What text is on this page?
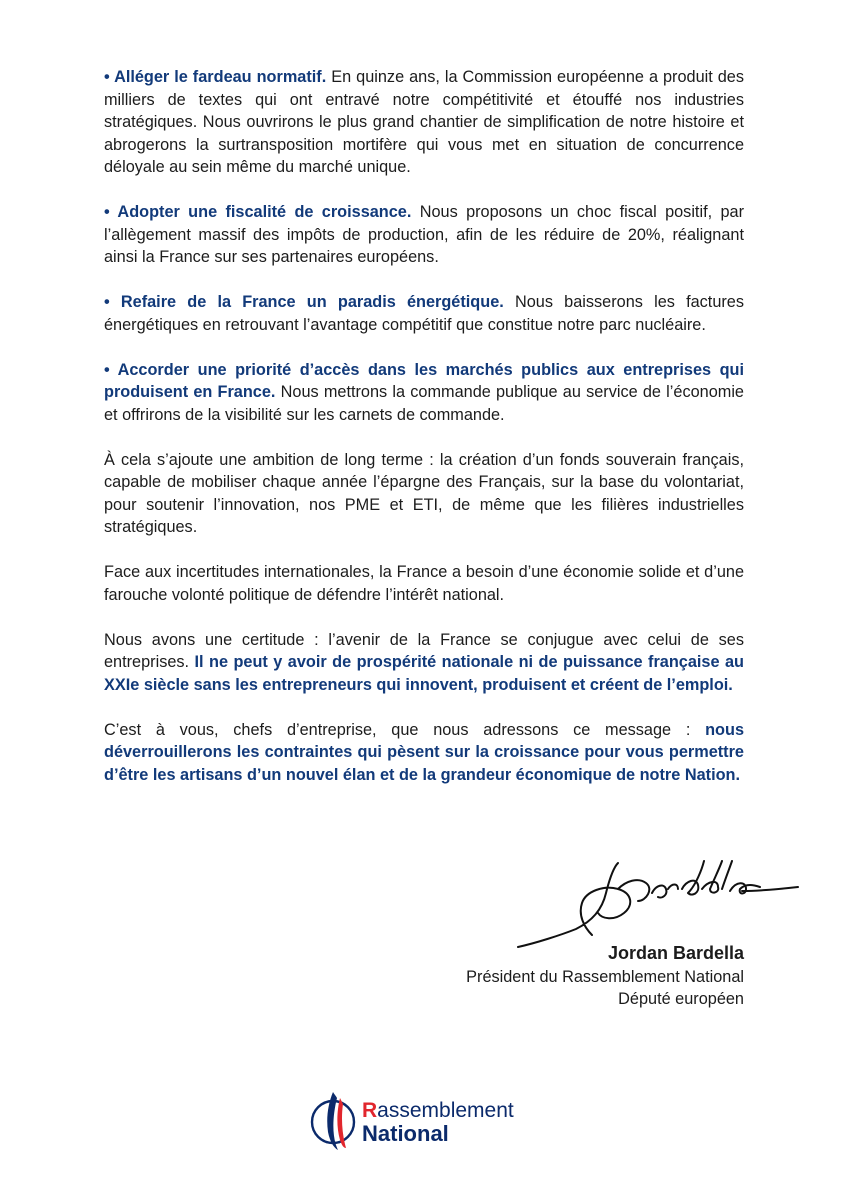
• Alléger le fardeau normatif. En quinze ans, la Commission européenne a produit des milliers de textes qui ont entravé notre compétitivité et étouffé nos industries stratégiques. Nous ouvrirons le plus grand chantier de simplification de notre histoire et abrogerons la surtransposition mortifère qui vous met en situation de concurrence déloyale au sein même du marché unique.

• Adopter une fiscalité de croissance. Nous proposons un choc fiscal positif, par l’allègement massif des impôts de production, afin de les réduire de 20%, réalignant ainsi la France sur ses partenaires européens.

• Refaire de la France un paradis énergétique. Nous baisserons les factures énergétiques en retrouvant l’avantage compétitif que constitue notre parc nucléaire.

• Accorder une priorité d’accès dans les marchés publics aux entreprises qui produisent en France. Nous mettrons la commande publique au service de l’économie et offrirons de la visibilité sur les carnets de commande.

À cela s’ajoute une ambition de long terme : la création d’un fonds souverain français, capable de mobiliser chaque année l’épargne des Français, sur la base du volontariat, pour soutenir l’innovation, nos PME et ETI, de même que les filières industrielles stratégiques.

Face aux incertitudes internationales, la France a besoin d’une économie solide et d’une farouche volonté politique de défendre l’intérêt national.

Nous avons une certitude : l’avenir de la France se conjugue avec celui de ses entreprises. Il ne peut y avoir de prospérité nationale ni de puissance française au XXIe siècle sans les entrepreneurs qui innovent, produisent et créent de l’emploi.

C’est à vous, chefs d’entreprise, que nous adressons ce message : nous déverrouillerons les contraintes qui pèsent sur la croissance pour vous permettre d’être les artisans d’un nouvel élan et de la grandeur économique de notre Nation.

Jordan Bardella
Président du Rassemblement National
Député européen
Rassemblement
National
